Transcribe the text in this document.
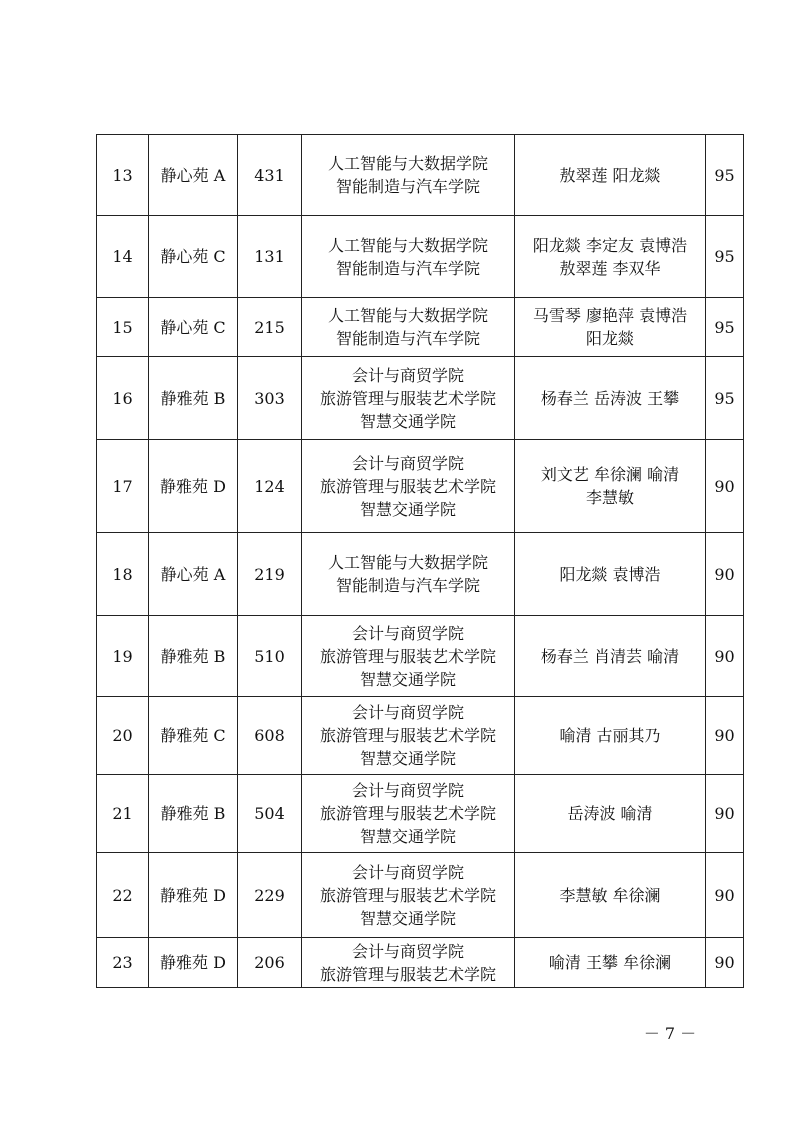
13	静心苑 A	431	人工智能与大数据学院
智能制造与汽车学院	敖翠莲 阳龙燚	95
14	静心苑 C	131	人工智能与大数据学院
智能制造与汽车学院	阳龙燚 李定友 袁博浩
敖翠莲 李双华	95
15	静心苑 C	215	人工智能与大数据学院
智能制造与汽车学院	马雪琴 廖艳萍 袁博浩
阳龙燚	95
16	静雅苑 B	303	会计与商贸学院
旅游管理与服装艺术学院
智慧交通学院	杨春兰 岳涛波 王攀	95
17	静雅苑 D	124	会计与商贸学院
旅游管理与服装艺术学院
智慧交通学院	刘文艺 牟徐澜 喻清
李慧敏	90
18	静心苑 A	219	人工智能与大数据学院
智能制造与汽车学院	阳龙燚 袁博浩	90
19	静雅苑 B	510	会计与商贸学院
旅游管理与服装艺术学院
智慧交通学院	杨春兰 肖清芸 喻清	90
20	静雅苑 C	608	会计与商贸学院
旅游管理与服装艺术学院
智慧交通学院	喻清 古丽其乃	90
21	静雅苑 B	504	会计与商贸学院
旅游管理与服装艺术学院
智慧交通学院	岳涛波 喻清	90
22	静雅苑 D	229	会计与商贸学院
旅游管理与服装艺术学院
智慧交通学院	李慧敏 牟徐澜	90
23	静雅苑 D	206	会计与商贸学院
旅游管理与服装艺术学院	喻清 王攀 牟徐澜	90
－ 7 －
